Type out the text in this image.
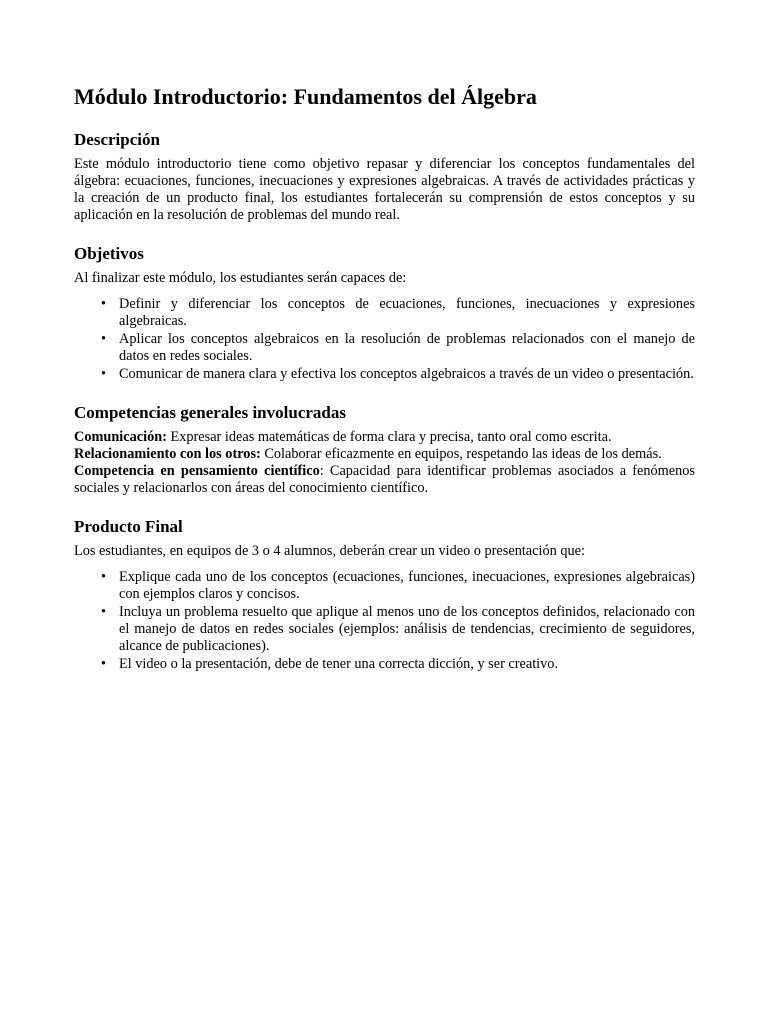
Módulo Introductorio: Fundamentos del Álgebra
Descripción

Este módulo introductorio tiene como objetivo repasar y diferenciar los conceptos fundamentales del álgebra: ecuaciones, funciones, inecuaciones y expresiones algebraicas. A través de actividades prácticas y la creación de un producto final, los estudiantes fortalecerán su comprensión de estos conceptos y su aplicación en la resolución de problemas del mundo real.

Objetivos

Al finalizar este módulo, los estudiantes serán capaces de:

• Definir y diferenciar los conceptos de ecuaciones, funciones, inecuaciones y expresiones algebraicas.
• Aplicar los conceptos algebraicos en la resolución de problemas relacionados con el manejo de datos en redes sociales.
• Comunicar de manera clara y efectiva los conceptos algebraicos a través de un video o presentación.
Competencias generales involucradas

Comunicación: Expresar ideas matemáticas de forma clara y precisa, tanto oral como escrita.

Relacionamiento con los otros: Colaborar eficazmente en equipos, respetando las ideas de los demás.

Competencia en pensamiento científico: Capacidad para identificar problemas asociados a fenómenos sociales y relacionarlos con áreas del conocimiento científico.

Producto Final

Los estudiantes, en equipos de 3 o 4 alumnos, deberán crear un video o presentación que:

• Explique cada uno de los conceptos (ecuaciones, funciones, inecuaciones, expresiones algebraicas) con ejemplos claros y concisos.
• Incluya un problema resuelto que aplique al menos uno de los conceptos definidos, relacionado con el manejo de datos en redes sociales (ejemplos: análisis de tendencias, crecimiento de seguidores, alcance de publicaciones).
• El video o la presentación, debe de tener una correcta dicción, y ser creativo.
